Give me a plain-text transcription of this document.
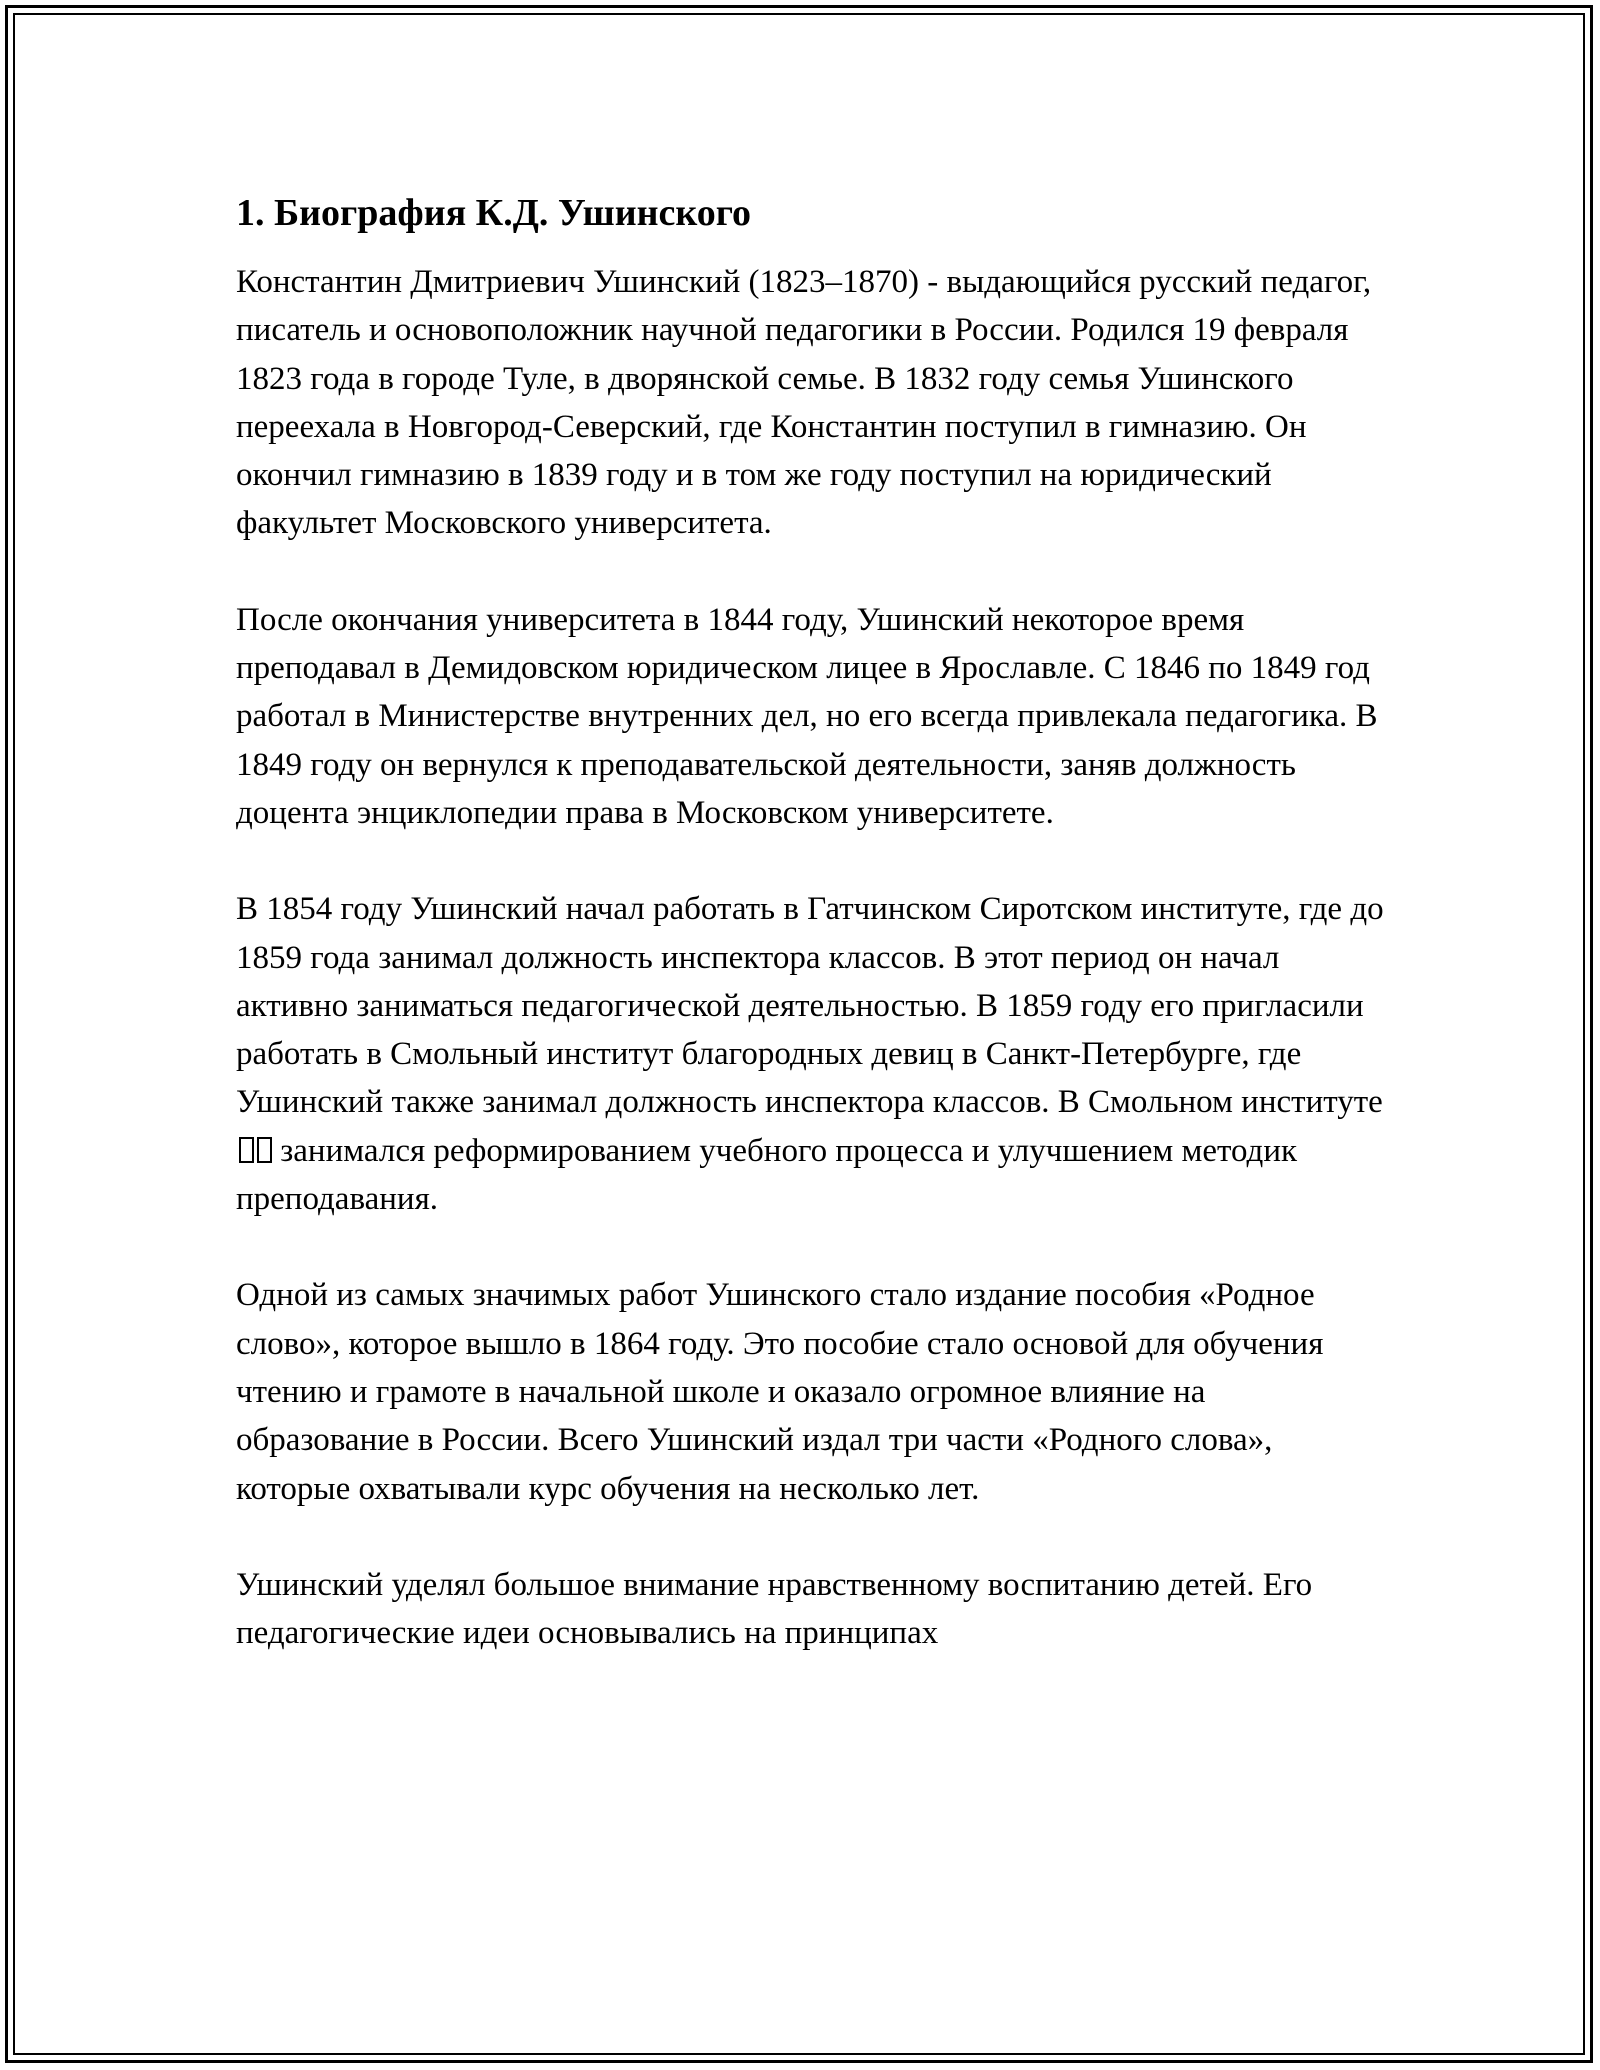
1. Биография К.Д. Ушинского

Константин Дмитриевич Ушинский (1823–1870) - выдающийся русский педагог, писатель и основоположник научной педагогики в России. Родился 19 февраля 1823 года в городе Туле, в дворянской семье. В 1832 году семья Ушинского переехала в Новгород-Северский, где Константин поступил в гимназию. Он окончил гимназию в 1839 году и в том же году поступил на юридический факультет Московского университета.

После окончания университета в 1844 году, Ушинский некоторое время преподавал в Демидовском юридическом лицее в Ярославле. С 1846 по 1849 год работал в Министерстве внутренних дел, но его всегда привлекала педагогика. В 1849 году он вернулся к преподавательской деятельности, заняв должность доцента энциклопедии права в Московском университете.

В 1854 году Ушинский начал работать в Гатчинском Сиротском институте, где до 1859 года занимал должность инспектора классов. В этот период он начал активно заниматься педагогической деятельностью. В 1859 году его пригласили работать в Смольный институт благородных девиц в Санкт-Петербурге, где Ушинский также занимал должность инспектора классов. В Смольном институте  занимался реформированием учебного процесса и улучшением методик преподавания.

Одной из самых значимых работ Ушинского стало издание пособия «Родное слово», которое вышло в 1864 году. Это пособие стало основой для обучения чтению и грамоте в начальной школе и оказало огромное влияние на образование в России. Всего Ушинский издал три части «Родного слова», которые охватывали курс обучения на несколько лет.

Ушинский уделял большое внимание нравственному воспитанию детей. Его педагогические идеи основывались на принципах
